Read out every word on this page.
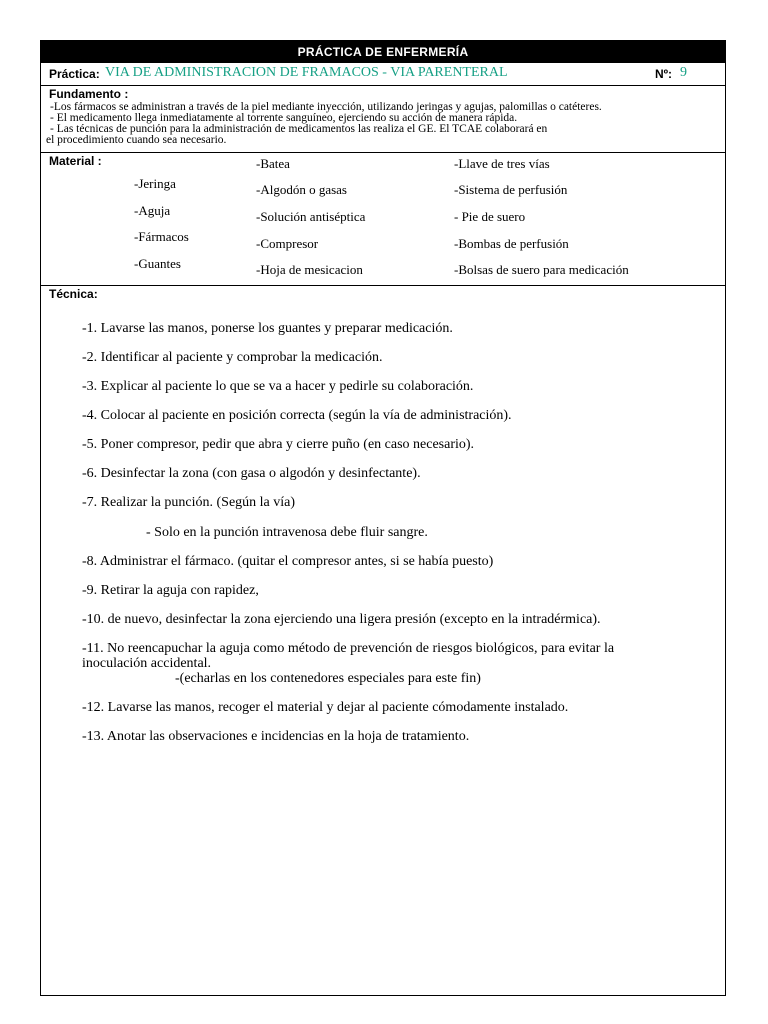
PRÁCTICA DE ENFERMERÍA
Práctica: VIA DE ADMINISTRACION DE FRAMACOS - VIA PARENTERAL	Nº: 9
Fundamento :
-Los fármacos se administran a través de la piel mediante inyección, utilizando jeringas y agujas, palomillas o catéteres.
- El medicamento llega inmediatamente al torrente sanguíneo, ejerciendo su acción de manera rápida.
- Las técnicas de punción para la administración de medicamentos las realiza el GE. El TCAE colaborará en
el procedimiento cuando sea necesario.
Material :
-Jeringa
-Aguja
-Fármacos
-Guantes
-Batea
-Algodón o gasas
-Solución antiséptica
-Compresor
-Hoja de mesicacion
-Llave de tres vías
-Sistema de perfusión
- Pie de suero
-Bombas de perfusión
-Bolsas de suero para medicación
Técnica:
-1. Lavarse las manos, ponerse los guantes y preparar medicación.
-2. Identificar al paciente y comprobar la medicación.
-3. Explicar al paciente lo que se va a hacer y pedirle su colaboración.
-4. Colocar al paciente en posición correcta (según la vía de administración).
-5. Poner compresor, pedir que abra y cierre puño (en caso necesario).
-6. Desinfectar la zona (con gasa o algodón y desinfectante).
-7. Realizar la punción. (Según la vía)
- Solo en la punción intravenosa debe fluir sangre.
-8. Administrar el fármaco. (quitar el compresor antes, si se había puesto)
-9. Retirar la aguja con rapidez,
-10. de nuevo, desinfectar la zona ejerciendo una ligera presión (excepto en la intradérmica).
-11. No reencapuchar la aguja como método de prevención de riesgos biológicos, para evitar la
inoculación accidental.
-(echarlas en los contenedores especiales para este fin)
-12. Lavarse las manos, recoger el material y dejar al paciente cómodamente instalado.
-13. Anotar las observaciones e incidencias en la hoja de tratamiento.
